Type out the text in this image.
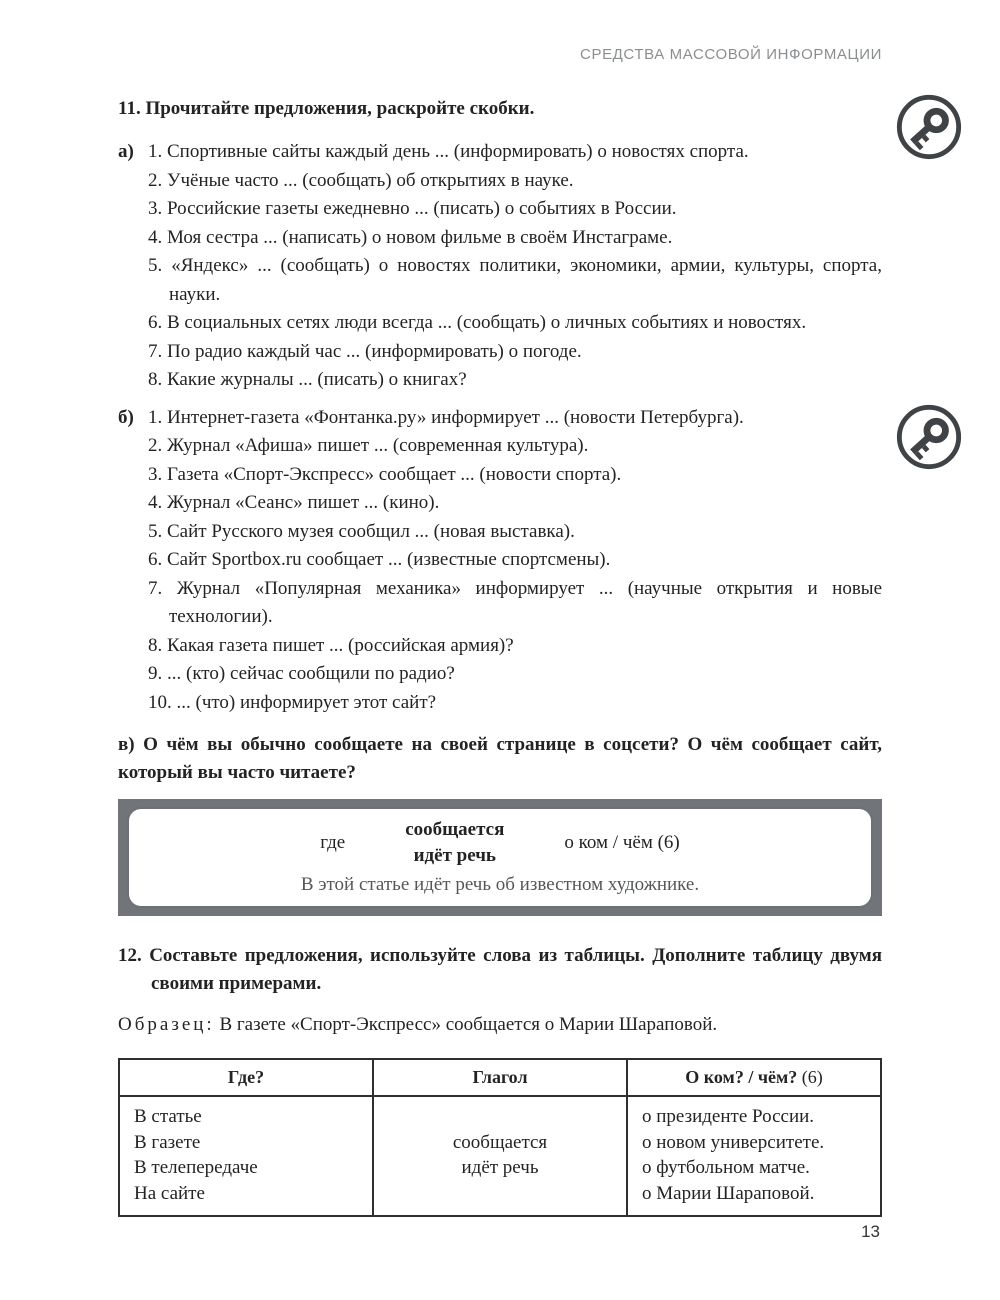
СРЕДСТВА МАССОВОЙ ИНФОРМАЦИИ
11. Прочитайте предложения, раскройте скобки.
а) 1. Спортивные сайты каждый день ... (информировать) о новостях спорта.
2. Учёные часто ... (сообщать) об открытиях в науке.
3. Российские газеты ежедневно ... (писать) о событиях в России.
4. Моя сестра ... (написать) о новом фильме в своём Инстаграме.
5. «Яндекс» ... (сообщать) о новостях политики, экономики, армии, культуры, спорта, науки.
6. В социальных сетях люди всегда ... (сообщать) о личных событиях и новостях.
7. По радио каждый час ... (информировать) о погоде.
8. Какие журналы ... (писать) о книгах?
б) 1. Интернет-газета «Фонтанка.ру» информирует ... (новости Петербурга).
2. Журнал «Афиша» пишет ... (современная культура).
3. Газета «Спорт-Экспресс» сообщает ... (новости спорта).
4. Журнал «Сеанс» пишет ... (кино).
5. Сайт Русского музея сообщил ... (новая выставка).
6. Сайт Sportbox.ru сообщает ... (известные спортсмены).
7. Журнал «Популярная механика» информирует ... (научные открытия и новые технологии).
8. Какая газета пишет ... (российская армия)?
9. ... (кто) сейчас сообщили по радио?
10. ... (что) информирует этот сайт?
в) О чём вы обычно сообщаете на своей странице в соцсети? О чём сообщает сайт, который вы часто читаете?
где
сообщается
идёт речь
о ком / чём (6)
В этой статье идёт речь об известном художнике.
12. Составьте предложения, используйте слова из таблицы. Дополните таблицу двумя своими примерами.
Образец: В газете «Спорт-Экспресс» сообщается о Марии Шараповой.
Где?	Глагол	О ком? / чём? (6)

В статье
В газете
В телепередаче
На сайте

сообщается
идёт речь

о президенте России.
о новом университете.
о футбольном матче.
о Марии Шараповой.
13
